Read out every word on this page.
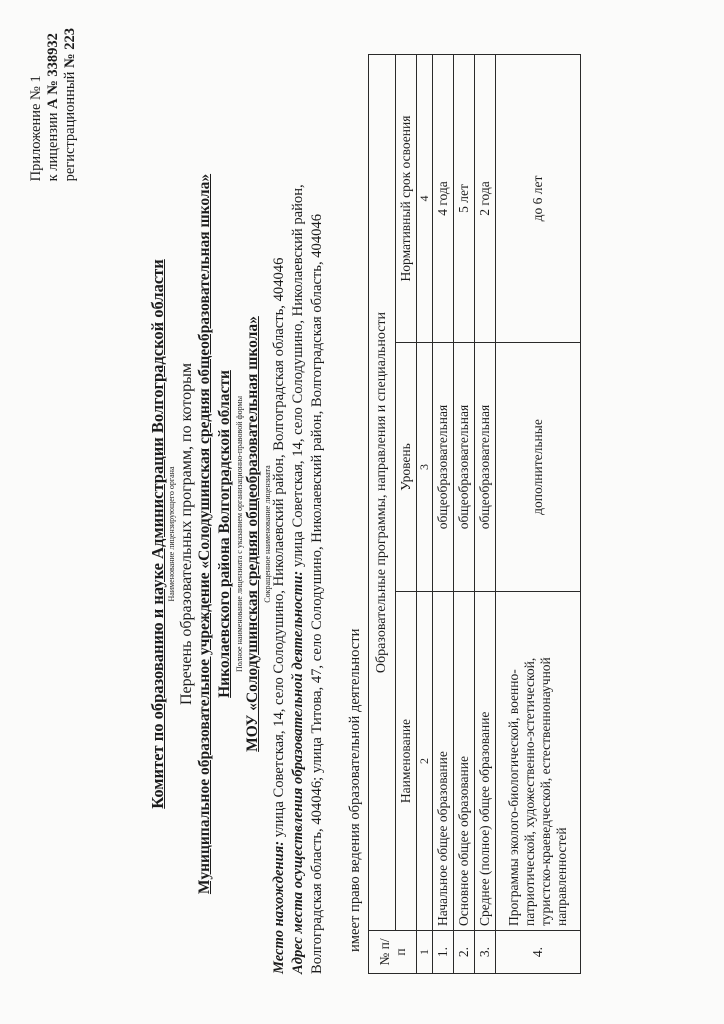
Приложение № 1 к лицензии А № 338932
регистрационный № 223
Комитет по образованию и науке Администрации Волгоградской области Наименование лицензирующего органа Перечень образовательных программ, по которым Муниципальное образовательное учреждение «Солодушинская средняя общеобразовательная школа» Николаевского района Волгоградской области Полное наименование лицензиата с указанием организационно-правовой формы МОУ «Солодушинская средняя общеобразовательная школа» Сокращенное наименование лицензиата
Место нахождения: улица Советская, 14, село Солодушино, Николаевский район, Волгоградская область, 404046 Адрес места осуществления образовательной деятельности: улица Советская, 14, село Солодушино, Николаевский район, Волгоградская область, 404046; улица Титова, 47, село Солодушино, Николаевский район, Волгоградская область, 404046	имеет право ведения образовательной деятельности
№ п/п	Образовательные программы, направления и специальности		
	Наименование	Уровень	Нормативный срок освоения
1	2	3	4
1.	Начальное общее образование	общеобразовательная	4 года
2.	Основное общее образование	общеобразовательная	5 лет
3.	Среднее (полное) общее образование	общеобразовательная	2 года
4.	Программы эколого-биологической, военно-патриотической, художественно-эстетической, туристско-краеведческой, естественнонаучной направленностей	дополнительные	до 6 лет
